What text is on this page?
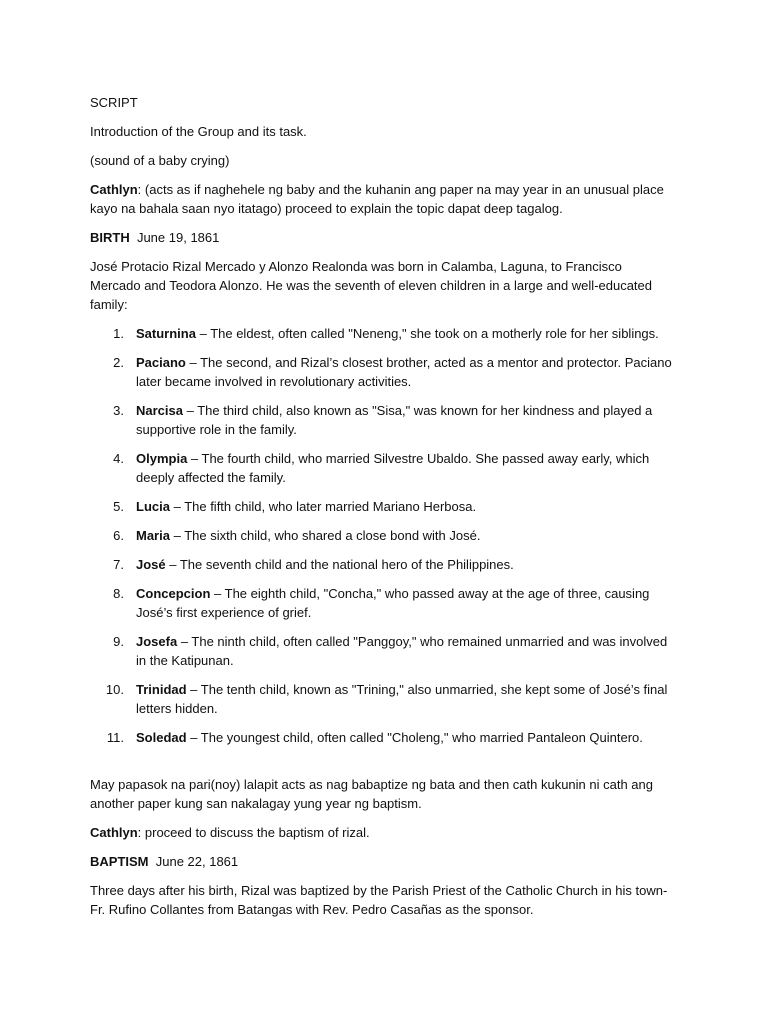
SCRIPT

Introduction of the Group and its task.

(sound of a baby crying)

Cathlyn: (acts as if naghehele ng baby and the kuhanin ang paper na may year in an unusual place kayo na bahala saan nyo itatago) proceed to explain the topic dapat deep tagalog.

BIRTH June 19, 1861

José Protacio Rizal Mercado y Alonzo Realonda was born in Calamba, Laguna, to Francisco Mercado and Teodora Alonzo. He was the seventh of eleven children in a large and well-educated family:

1. Saturnina – The eldest, often called "Neneng," she took on a motherly role for her siblings.
2. Paciano – The second, and Rizal’s closest brother, acted as a mentor and protector. Paciano later became involved in revolutionary activities.
3. Narcisa – The third child, also known as "Sisa," was known for her kindness and played a supportive role in the family.
4. Olympia – The fourth child, who married Silvestre Ubaldo. She passed away early, which deeply affected the family.
5. Lucia – The fifth child, who later married Mariano Herbosa.
6. Maria – The sixth child, who shared a close bond with José.
7. José – The seventh child and the national hero of the Philippines.
8. Concepcion – The eighth child, "Concha," who passed away at the age of three, causing José’s first experience of grief.
9. Josefa – The ninth child, often called "Panggoy," who remained unmarried and was involved in the Katipunan.
10. Trinidad – The tenth child, known as "Trining," also unmarried, she kept some of José’s final letters hidden.
11. Soledad – The youngest child, often called "Choleng," who married Pantaleon Quintero.

May papasok na pari(noy) lalapit acts as nag babaptize ng bata and then cath kukunin ni cath ang another paper kung san nakalagay yung year ng baptism.

Cathlyn: proceed to discuss the baptism of rizal.

BAPTISM June 22, 1861

Three days after his birth, Rizal was baptized by the Parish Priest of the Catholic Church in his town- Fr. Rufino Collantes from Batangas with Rev. Pedro Casañas as the sponsor.
